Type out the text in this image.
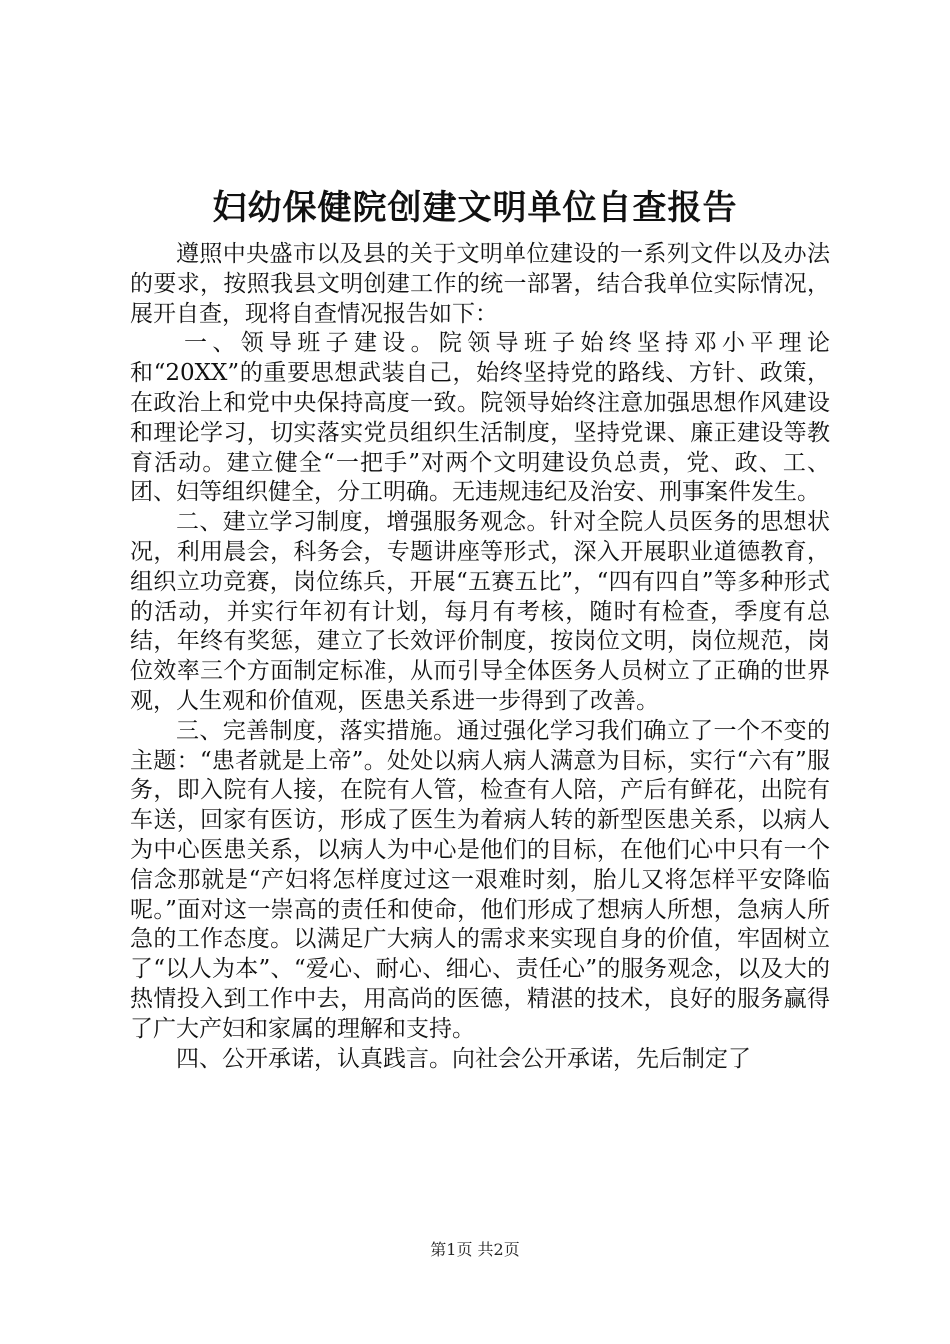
妇幼保健院创建文明单位自查报告

遵照中央盛市以及县的关于文明单位建设的一系列文件以及办法的要求，按照我县文明创建工作的统一部署，结合我单位实际情况，展开自查，现将自查情况报告如下：

一、领导班子建设。院领导班子始终坚持邓小平理论和“20XX”的重要思想武装自己，始终坚持党的路线、方针、政策，在政治上和党中央保持高度一致。院领导始终注意加强思想作风建设和理论学习，切实落实党员组织生活制度，坚持党课、廉正建设等教育活动。建立健全“一把手”对两个文明建设负总责，党、政、工、团、妇等组织健全，分工明确。无违规违纪及治安、刑事案件发生。

二、建立学习制度，增强服务观念。针对全院人员医务的思想状况，利用晨会，科务会，专题讲座等形式，深入开展职业道德教育，组织立功竞赛，岗位练兵，开展“五赛五比”，“四有四自”等多种形式的活动，并实行年初有计划，每月有考核，随时有检查，季度有总结，年终有奖惩，建立了长效评价制度，按岗位文明，岗位规范，岗位效率三个方面制定标准，从而引导全体医务人员树立了正确的世界观，人生观和价值观，医患关系进一步得到了改善。

三、完善制度，落实措施。通过强化学习我们确立了一个不变的主题：“患者就是上帝”。处处以病人病人满意为目标，实行“六有”服务，即入院有人接，在院有人管，检查有人陪，产后有鲜花，出院有车送，回家有医访，形成了医生为着病人转的新型医患关系，以病人为中心医患关系，以病人为中心是他们的目标，在他们心中只有一个信念那就是“产妇将怎样度过这一艰难时刻，胎儿又将怎样平安降临呢。”面对这一崇高的责任和使命，他们形成了想病人所想，急病人所急的工作态度。以满足广大病人的需求来实现自身的价值，牢固树立了“以人为本”、“爱心、耐心、细心、责任心”的服务观念，以及大的热情投入到工作中去，用高尚的医德，精湛的技术，良好的服务赢得了广大产妇和家属的理解和支持。

四、公开承诺，认真践言。向社会公开承诺，先后制定了

第1页 共2页
